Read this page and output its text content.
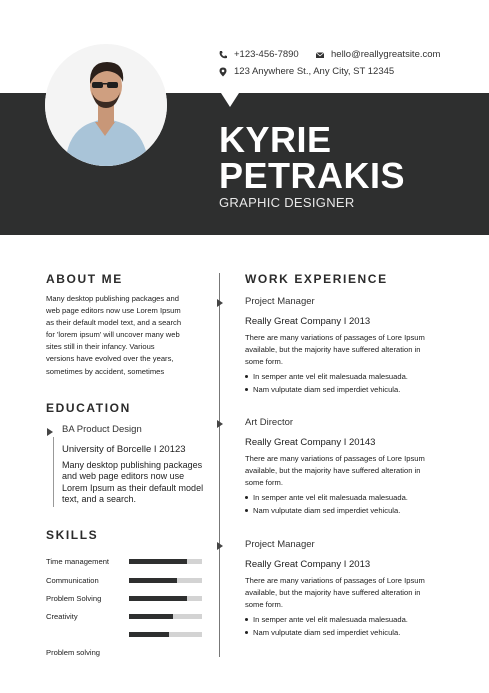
+123-456-7890	hello@reallygreatsite.com
123 Anywhere St., Any City, ST 12345
KYRIE
PETRAKIS
GRAPHIC DESIGNER
ABOUT ME
Many desktop publishing packages and
web page editors now use Lorem Ipsum
as their default model text, and a search
for 'lorem ipsum' will uncover many web
sites still in their infancy. Various
versions have evolved over the years,
sometimes by accident, sometimes
EDUCATION
BA Product Design
University of Borcelle I 20123
Many desktop publishing packages
and web page editors now use
Lorem Ipsum as their default model
text, and a search.
SKILLS
Time management
Communication
Problem Solving
Creativity
Problem solving
WORK EXPERIENCE
Project Manager
Really Great Company I 2013
There are many variations of passages of Lore Ipsum
available, but the majority have suffered alteration in
some form.
In semper ante vel elit malesuada malesuada.
Nam vulputate diam sed imperdiet vehicula.
Art Director
Really Great Company I 20143
There are many variations of passages of Lore Ipsum
available, but the majority have suffered alteration in
some form.
In semper ante vel elit malesuada malesuada.
Nam vulputate diam sed imperdiet vehicula.
Project Manager
Really Great Company I 2013
There are many variations of passages of Lore Ipsum
available, but the majority have suffered alteration in
some form.
In semper ante vel elit malesuada malesuada.
Nam vulputate diam sed imperdiet vehicula.
